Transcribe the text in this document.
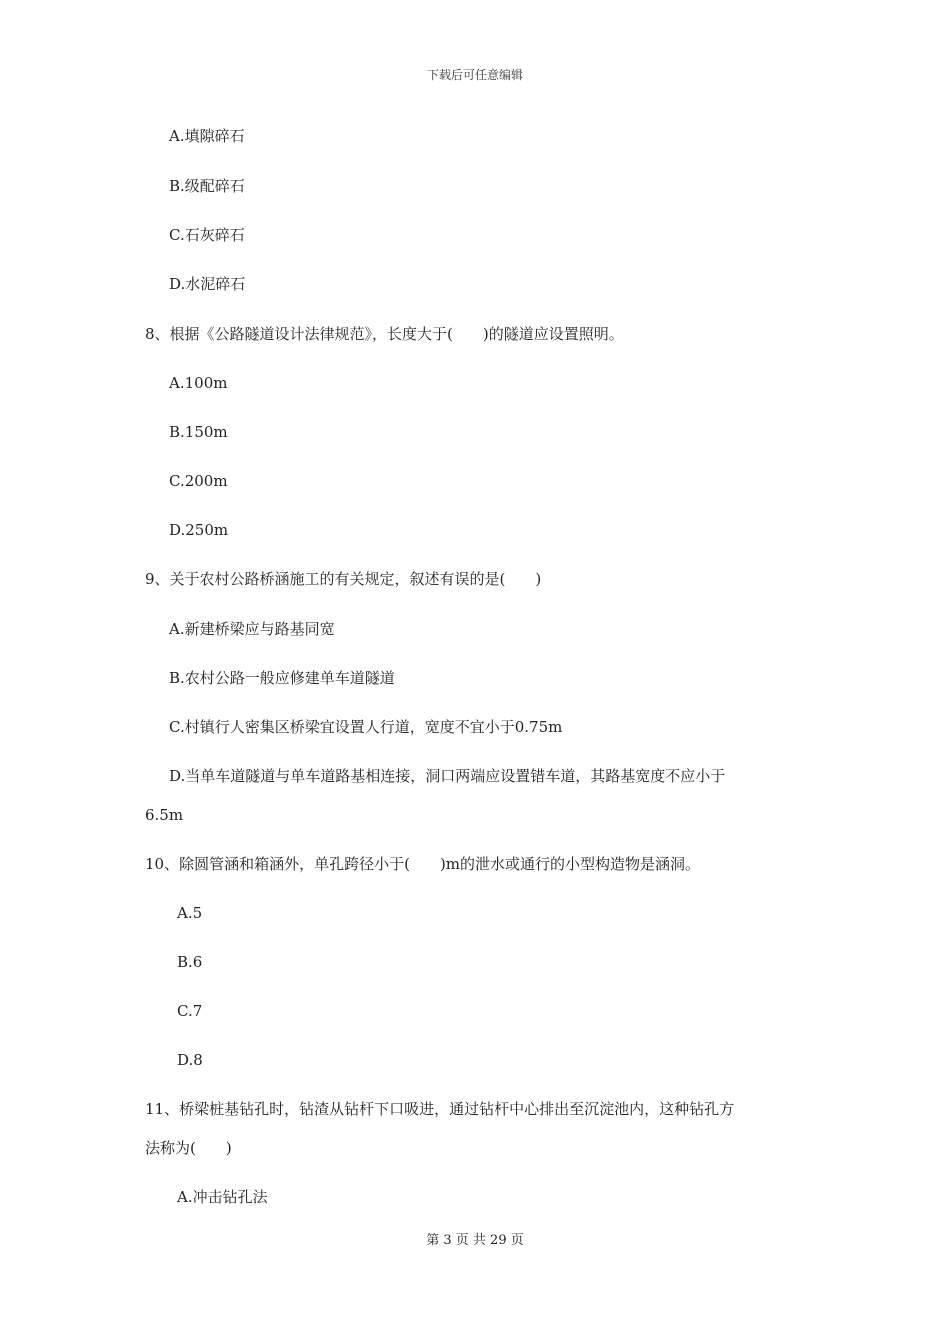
下载后可任意编辑
A.填隙碎石
B.级配碎石
C.石灰碎石
D.水泥碎石
8、根据《公路隧道设计法律规范》，长度大于(　　)的隧道应设置照明。
A.100m
B.150m
C.200m
D.250m
9、关于农村公路桥涵施工的有关规定，叙述有误的是(　　)
A.新建桥梁应与路基同宽
B.农村公路一般应修建单车道隧道
C.村镇行人密集区桥梁宜设置人行道，宽度不宜小于0.75m
D.当单车道隧道与单车道路基相连接，洞口两端应设置错车道，其路基宽度不应小于
6.5m
10、除圆管涵和箱涵外，单孔跨径小于(　　)m的泄水或通行的小型构造物是涵洞。
A.5
B.6
C.7
D.8
11、桥梁桩基钻孔时，钻渣从钻杆下口吸进，通过钻杆中心排出至沉淀池内，这种钻孔方
法称为(　　)
A.冲击钻孔法
第 3 页 共 29 页
